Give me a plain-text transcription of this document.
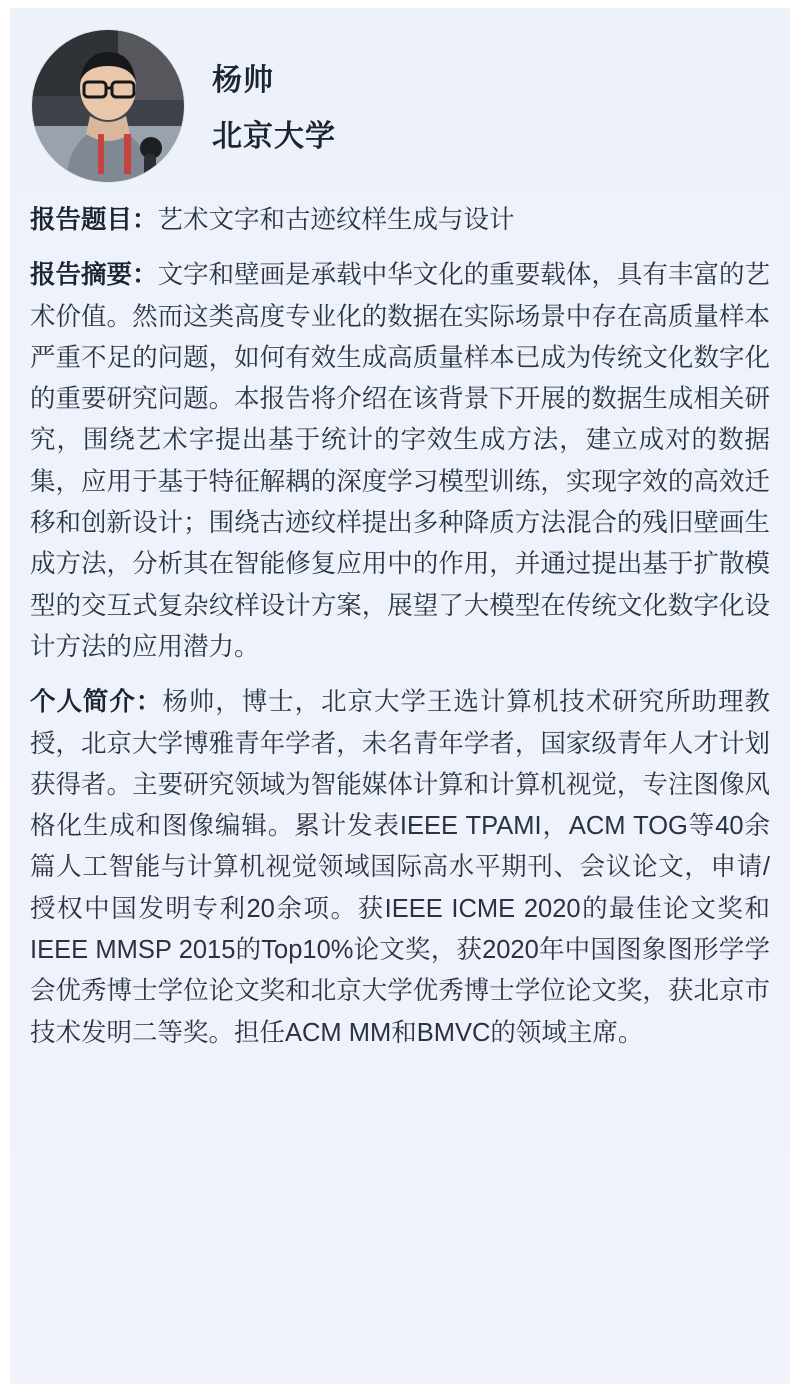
杨帅
北京大学

报告题目：艺术文字和古迹纹样生成与设计

报告摘要：文字和壁画是承载中华文化的重要载体，具有丰富的艺术价值。然而这类高度专业化的数据在实际场景中存在高质量样本严重不足的问题，如何有效生成高质量样本已成为传统文化数字化的重要研究问题。本报告将介绍在该背景下开展的数据生成相关研究，围绕艺术字提出基于统计的字效生成方法，建立成对的数据集，应用于基于特征解耦的深度学习模型训练，实现字效的高效迁移和创新设计；围绕古迹纹样提出多种降质方法混合的残旧壁画生成方法，分析其在智能修复应用中的作用，并通过提出基于扩散模型的交互式复杂纹样设计方案，展望了大模型在传统文化数字化设计方法的应用潜力。

个人简介：杨帅，博士，北京大学王选计算机技术研究所助理教授，北京大学博雅青年学者，未名青年学者，国家级青年人才计划获得者。主要研究领域为智能媒体计算和计算机视觉，专注图像风格化生成和图像编辑。累计发表IEEE TPAMI，ACM TOG等40余篇人工智能与计算机视觉领域国际高水平期刊、会议论文，申请/授权中国发明专利20余项。获IEEE ICME 2020的最佳论文奖和IEEE MMSP 2015的Top10%论文奖，获2020年中国图象图形学学会优秀博士学位论文奖和北京大学优秀博士学位论文奖，获北京市技术发明二等奖。担任ACM MM和BMVC的领域主席。
